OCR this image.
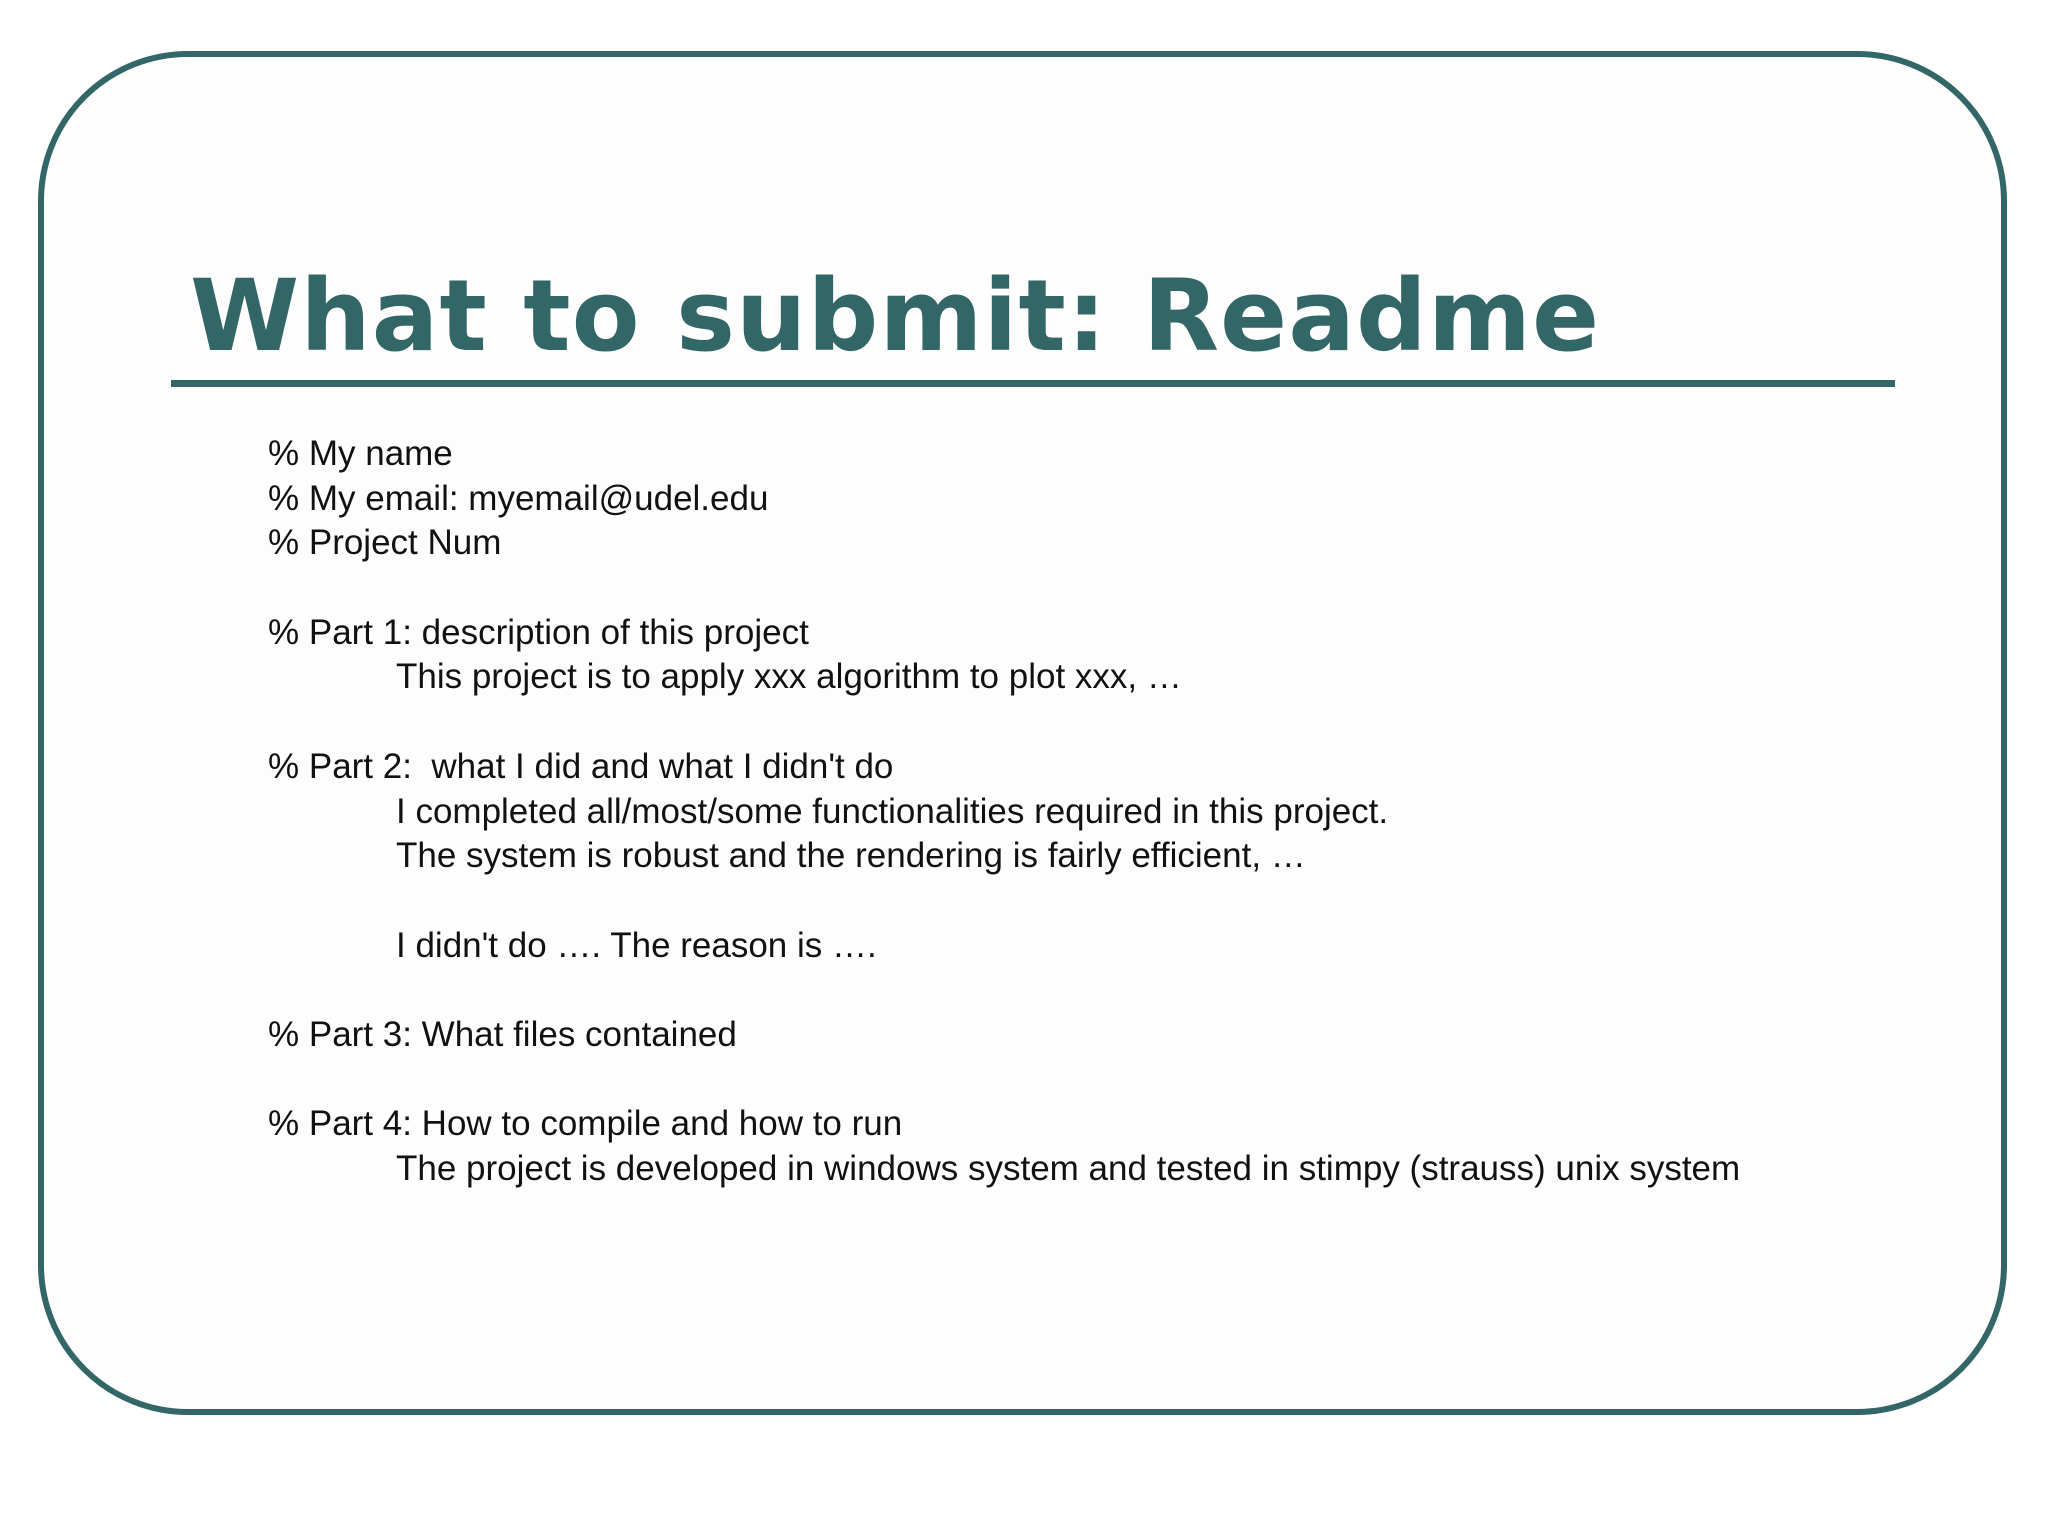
What to submit: Readme
% My name
% My email: myemail@udel.edu
% Project Num
% Part 1: description of this project
This project is to apply xxx algorithm to plot xxx, …
% Part 2:  what I did and what I didn't do
I completed all/most/some functionalities required in this project.
The system is robust and the rendering is fairly efficient, …
I didn't do …. The reason is ….
% Part 3: What files contained
% Part 4: How to compile and how to run
The project is developed in windows system and tested in stimpy (strauss) unix system
